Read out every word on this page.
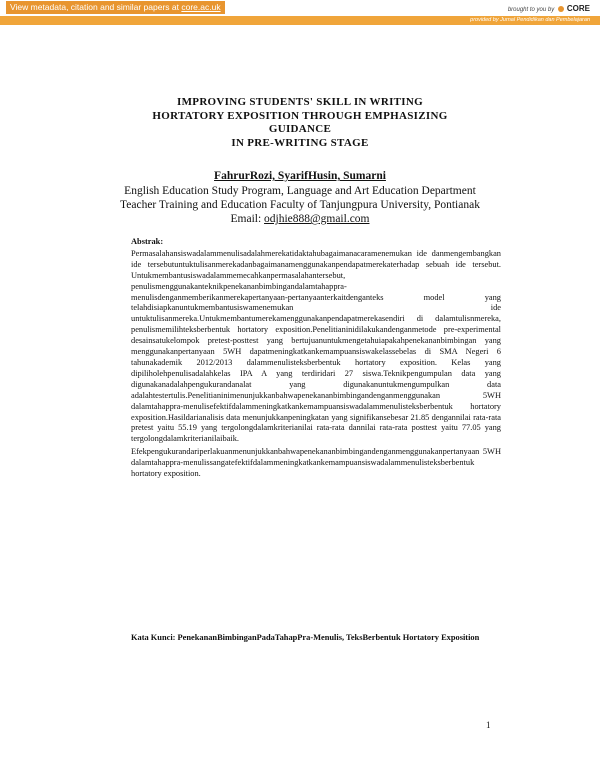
View metadata, citation and similar papers at core.ac.uk	brought to you by CORE
provided by Jurnal Pendidikan dan Pembelajaran
IMPROVING STUDENTS' SKILL IN WRITING
HORTATORY EXPOSITION THROUGH EMPHASIZING
GUIDANCE
IN PRE-WRITING STAGE
FahrurRozi, SyarifHusin, Sumarni
English Education Study Program, Language and Art Education Department
Teacher Training and Education Faculty of Tanjungpura University, Pontianak
Email: odjhie888@gmail.com
Abstrak:

Permasalahansiswadalammenulisadalahmerekatidaktahubagaimanacaramenemukan ide danmengembangkan ide tersebutuntuktulisanmerekadanbagaimanamenggunakanpendapatmerekaterhadap sebuah ide tersebut. Untukmembantusiswadalammemecahkanpermasalahantersebut, penulismenggunakanteknikpenekananbimbingandalamtahappra-menulisdenganmemberikanmerekapertanyaan-pertanyaanterkaitdenganteks model yang telahdisiapkanuntukmembantusiswamenemukan ide untuktulisanmereka.Untukmembantumerekamenggunakanpendapatmerekasendiri di dalamtulisnmereka, penulismemilihteksberbentuk hortatory exposition.Penelitianinidilakukandenganmetode pre-experimental desainsatukelompok pretest-posttest yang bertujuanuntukmengetahuiapakahpenekananbimbingan yang menggunakanpertanyaan 5WH dapatmeningkatkankemampuansiswakelassebelas di SMA Negeri 6 tahunakademik 2012/2013 dalammenulisteksberbentuk hortatory exposition. Kelas yang dipiliholehpenulisadalahkelas IPA A yang terdiridari 27 siswa.Teknikpengumpulan data yang digunakanadalahpengukurandanalat yang digunakanuntukmengumpulkan data adalahtestertulis.Penelitianinimenunjukkanbahwapenekananbimbingandenganmenggunakan 5WH dalamtahappra-menulisefektifdalammeningkatkankemampuansiswadalammenulisteksberbentuk hortatory exposition.Hasildarianalisis data menunjukkanpeningkatan yang signifikansebesar 21.85 dengannilai rata-rata pretest yaitu 55.19 yang tergolongdalamkriterianilai rata-rata dannilai rata-rata posttest yaitu 77.05 yang tergolongdalamkriterianilaibaik.

Efekpengukurandariperlakuanmenunjukkanbahwapenekananbimbingandenganmenggunakanpertanyaan 5WH dalamtahappra-menulissangatefektifdalammeningkatkankemampuansiswadalammenulisteksberbentuk hortatory exposition.

Kata Kunci: PenekananBimbinganPadaTahapPra-Menulis, TeksBerbentuk Hortatory Exposition
1
